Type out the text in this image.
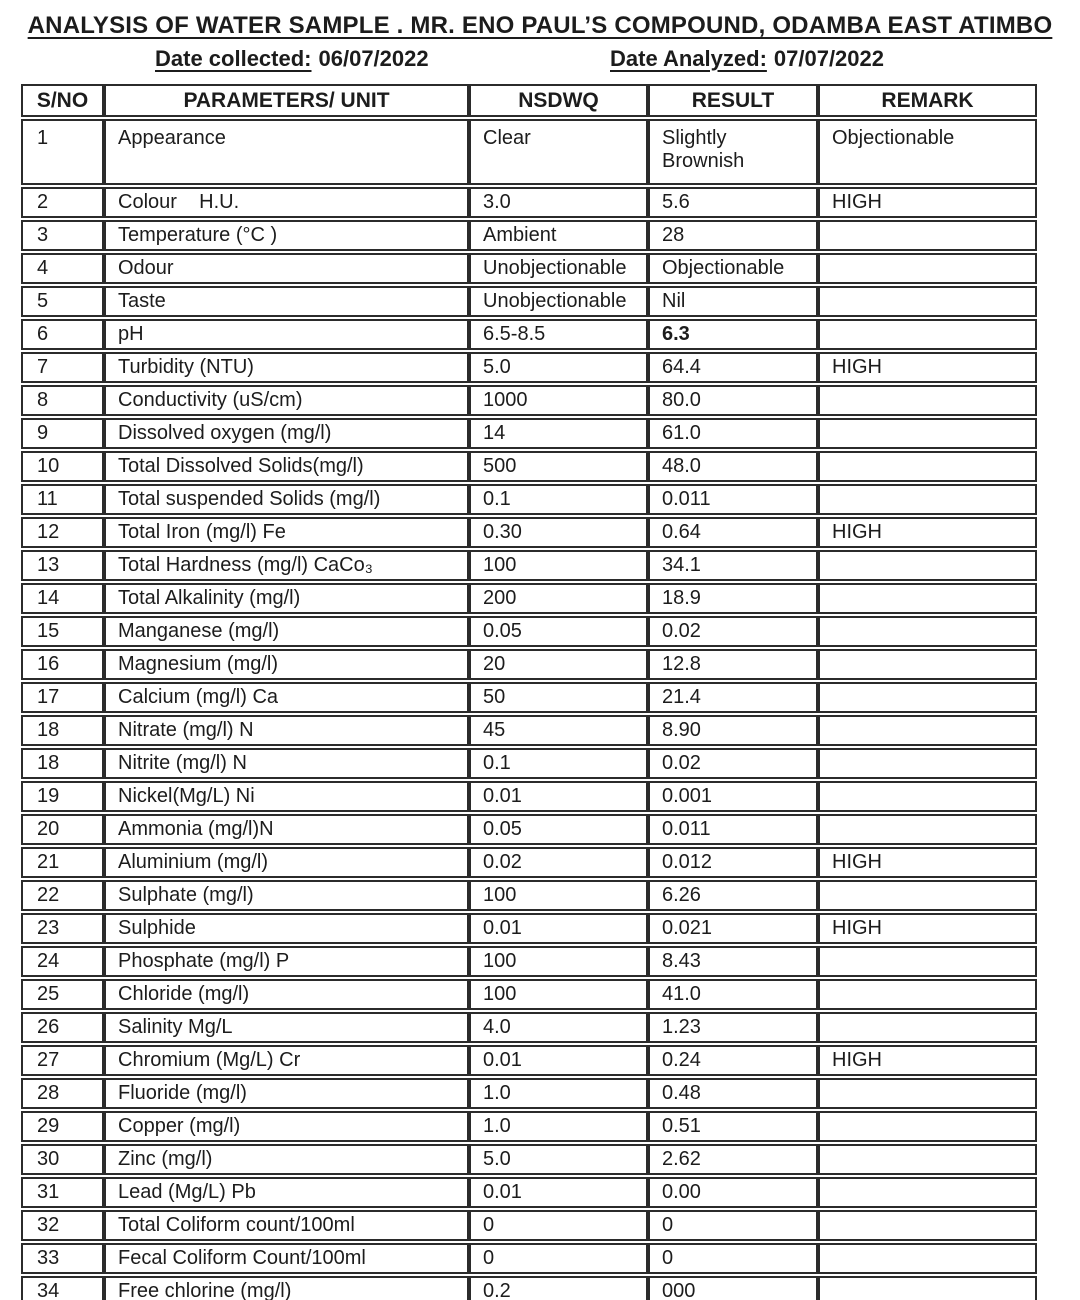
ANALYSIS OF WATER SAMPLE . MR. ENO PAUL’S COMPOUND, ODAMBA EAST ATIMBO
Date collected: 06/07/2022	Date Analyzed: 07/07/2022
S/NO	PARAMETERS/ UNIT	NSDWQ	RESULT	REMARK
1	Appearance	Clear	Slightly Brownish	Objectionable
2	Colour    H.U.	3.0	5.6	HIGH
3	Temperature (°C )	Ambient	28	
4	Odour	Unobjectionable	Objectionable	
5	Taste	Unobjectionable	Nil	
6	pH	6.5-8.5	6.3	
7	Turbidity (NTU)	5.0	64.4	HIGH
8	Conductivity (uS/cm)	1000	80.0	
9	Dissolved oxygen (mg/l)	14	61.0	
10	Total Dissolved Solids(mg/l)	500	48.0	
11	Total suspended Solids (mg/l)	0.1	0.011	
12	Total Iron (mg/l) Fe	0.30	0.64	HIGH
13	Total Hardness (mg/l) CaCo₃	100	34.1	
14	Total Alkalinity (mg/l)	200	18.9	
15	Manganese (mg/l)	0.05	0.02	
16	Magnesium (mg/l)	20	12.8	
17	Calcium (mg/l) Ca	50	21.4	
18	Nitrate (mg/l) N	45	8.90	
18	Nitrite (mg/l) N	0.1	0.02	
19	Nickel(Mg/L) Ni	0.01	0.001	
20	Ammonia (mg/l)N	0.05	0.011	
21	Aluminium (mg/l)	0.02	0.012	HIGH
22	Sulphate (mg/l)	100	6.26	
23	Sulphide	0.01	0.021	HIGH
24	Phosphate (mg/l) P	100	8.43	
25	Chloride (mg/l)	100	41.0	
26	Salinity Mg/L	4.0	1.23	
27	Chromium (Mg/L) Cr	0.01	0.24	HIGH
28	Fluoride (mg/l)	1.0	0.48	
29	Copper (mg/l)	1.0	0.51	
30	Zinc (mg/l)	5.0	2.62	
31	Lead (Mg/L) Pb	0.01	0.00	
32	Total Coliform count/100ml	0	0	
33	Fecal Coliform Count/100ml	0	0	
34	Free chlorine (mg/l)	0.2	000	
